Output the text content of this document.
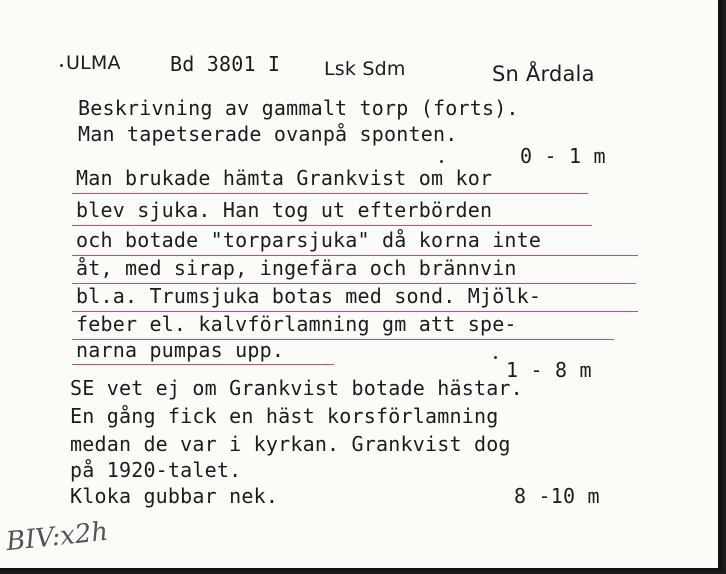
ULMA Bd 3801 I Lsk Sdm	Sn Årdala
Beskrivning av gammalt torp (forts).
Man tapetserade ovanpå sponten.
0 - 1 m
Man brukade hämta Grankvist om kor
blev sjuka. Han tog ut efterbörden
och botade "torparsjuka" då korna inte
åt, med sirap, ingefära och brännvin
bl.a. Trumsjuka botas med sond. Mjölk-
feber el. kalvförlamning gm att spe-
narna pumpas upp.
1 - 8 m
SE vet ej om Grankvist botade hästar.
En gång fick en häst korsförlamning
medan de var i kyrkan. Grankvist dog
på 1920-talet.
Kloka gubbar nek.	8 -10 m
BIV:x2h
